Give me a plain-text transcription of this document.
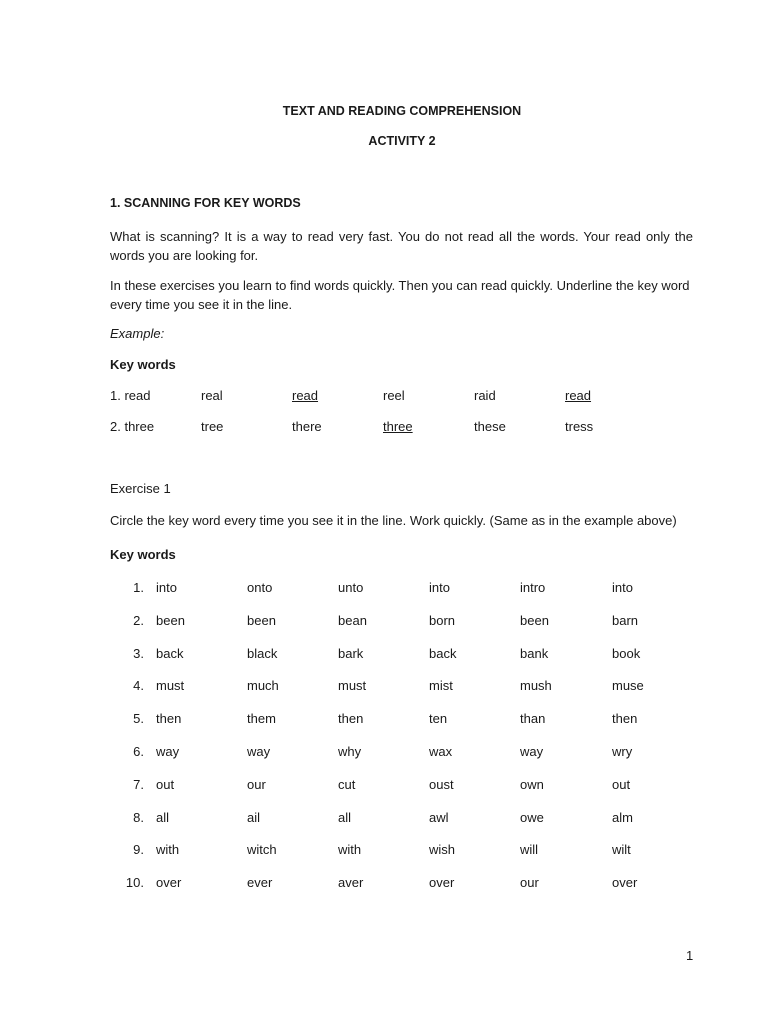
TEXT AND READING COMPREHENSION
ACTIVITY 2
1. SCANNING FOR KEY WORDS
What is scanning? It is a way to read very fast. You do not read all the words. Your read only the words you are looking for.
In these exercises you learn to find words quickly. Then you can read quickly. Underline the key word every time you see it in the line.
Example:
Key words
1. read	real	read	reel	raid	read
2. three	tree	there	three	these	tress
Exercise 1
Circle the key word every time you see it in the line. Work quickly. (Same as in the example above)
Key words
1. into	onto	unto	into	intro	into
2. been	been	bean	born	been	barn
3. back	black	bark	back	bank	book
4. must	much	must	mist	mush	muse
5. then	them	then	ten	than	then
6. way	way	why	wax	way	wry
7. out	our	cut	oust	own	out
8. all	ail	all	awl	owe	alm
9. with	witch	with	wish	will	wilt
10. over	ever	aver	over	our	over
1
